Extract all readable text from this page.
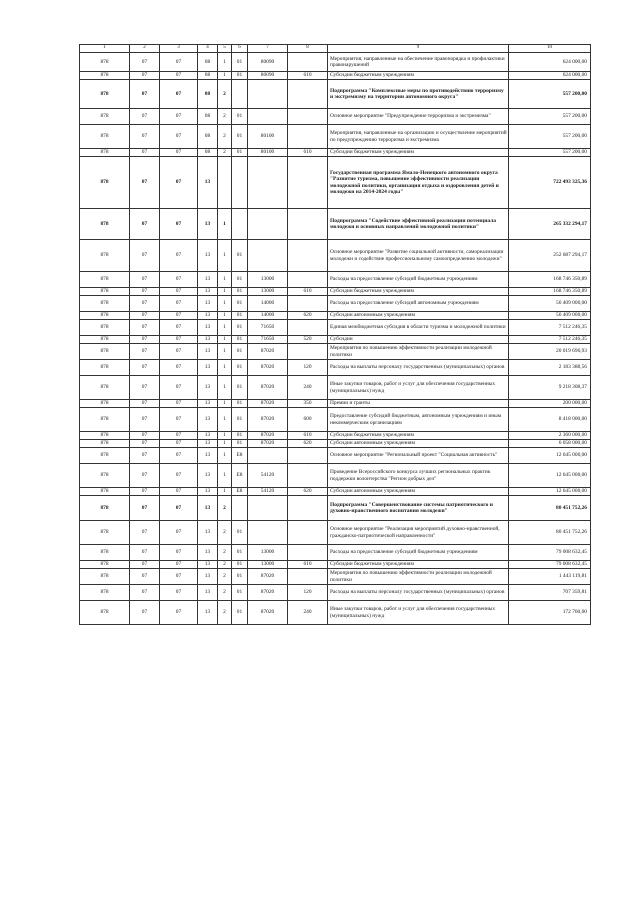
1	2	3	4	5	6	7	8	9	10
878	07	07	08	1	01	80090		Мероприятия, направленные на обеспечение правопорядка и профилактики правонарушений	624 000,00
878	07	07	08	1	01	80090	610	Субсидии бюджетным учреждениям	624 000,00
878	07	07	08	2				Подпрограмма "Комплексные меры по противодействию терроризму и экстремизму на территории автономного округа"	557 200,00
878	07	07	08	2	01			Основное мероприятие "Предупреждение терроризма и экстремизма"	557 200,00
878	07	07	08	2	01	80100		Мероприятия, направленные на организацию и осуществление мероприятий по предупреждению терроризма и экстремизма	557 200,00
878	07	07	08	2	01	80100	610	Субсидии бюджетным учреждениям	557 200,00
878	07	07	13					Государственная программа Ямало-Ненецкого автономного округа "Развитие туризма, повышение эффективности реализации молодежной политики, организация отдыха и оздоровления детей и молодежи на 2014-2024 годы"	722 493 325,36
878	07	07	13	1				Подпрограмма "Содействие эффективной реализации потенциала молодежи и основных направлений молодежной политики"	265 332 294,17
878	07	07	13	1	01			Основное мероприятие "Развитие социальной активности, самореализации молодежи и содействие профессиональному самоопределению молодежи"	252 687 294,17
878	07	07	13	1	01	13000		Расходы на предоставление субсидий бюджетным учреждениям	168 746 350,89
878	07	07	13	1	01	13000	610	Субсидии бюджетным учреждениям	168 746 350,89
878	07	07	13	1	01	14000		Расходы на предоставление субсидий автономным учреждениям	56 409 000,00
878	07	07	13	1	01	14000	620	Субсидии автономным учреждениям	56 409 000,00
878	07	07	13	1	01	71650		Единая межбюджетная субсидия в области туризма и молодежной политики	7 512 246,35
878	07	07	13	1	01	71650	520	Субсидии	7 512 246,35
878	07	07	13	1	01	87020		Мероприятия по повышению эффективности реализации молодежной политики	20 019 696,93
878	07	07	13	1	01	87020	120	Расходы на выплаты персоналу государственных (муниципальных) органов	2 183 388,56
878	07	07	13	1	01	87020	240	Иные закупки товаров, работ и услуг для обеспечения государственных (муниципальных) нужд	9 218 308,37
878	07	07	13	1	01	87020	350	Премии и гранты	200 000,00
878	07	07	13	1	01	87020	600	Предоставление субсидий бюджетным, автономным учреждениям и иным некоммерческим организациям	8 418 000,00
878	07	07	13	1	01	87020	610	Субсидии бюджетным учреждениям	2 360 000,00
878	07	07	13	1	01	87020	620	Субсидии автономным учреждениям	6 058 000,00
878	07	07	13	1	E8			Основное мероприятие "Региональный проект "Социальная активность"	12 645 000,00
878	07	07	13	1	E8	54120		Проведение Всероссийского конкурса лучших региональных практик поддержки волонтерства "Регион добрых дел"	12 645 000,00
878	07	07	13	1	E8	54120	620	Субсидии автономным учреждениям	12 645 000,00
878	07	07	13	2				Подпрограмма "Совершенствование системы патриотического и духовно-нравственного воспитания молодежи"	80 451 752,26
878	07	07	13	2	01			Основное мероприятие "Реализация мероприятий духовно-нравственной, гражданско-патриотической направленности"	80 451 752,26
878	07	07	13	2	01	13000		Расходы на предоставление субсидий бюджетным учреждениям	79 008 632,45
878	07	07	13	2	01	13000	610	Субсидии бюджетным учреждениям	79 008 632,45
878	07	07	13	2	01	87020		Мероприятия по повышению эффективности реализации молодежной политики	1 443 119,81
878	07	07	13	2	01	87020	120	Расходы на выплаты персоналу государственных (муниципальных) органов	707 359,81
878	07	07	13	2	01	87020	240	Иные закупки товаров, работ и услуг для обеспечения государственных (муниципальных) нужд	172 760,00
